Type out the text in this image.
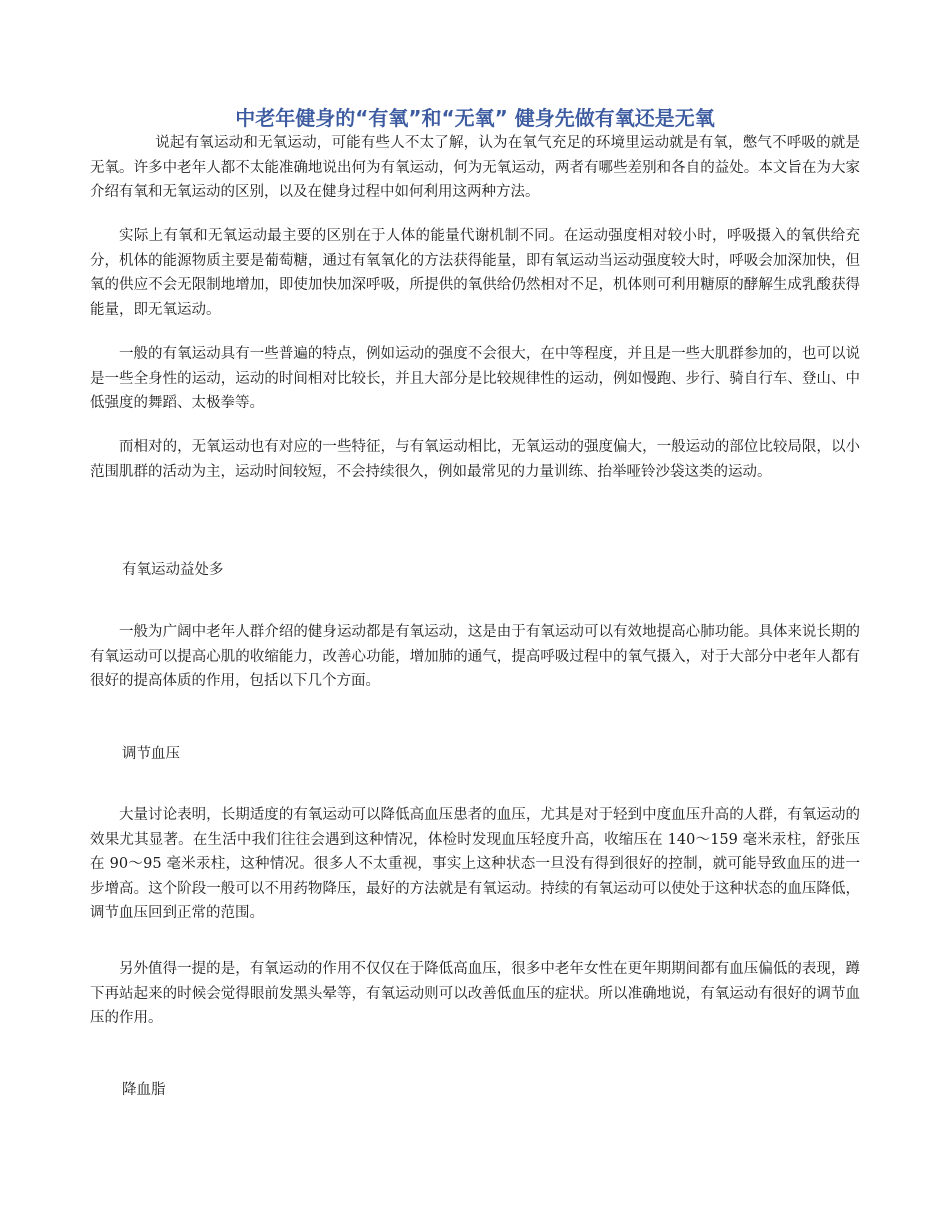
中老年健身的“有氧”和“无氧” 健身先做有氧还是无氧

说起有氧运动和无氧运动，可能有些人不太了解，认为在氧气充足的环境里运动就是有氧，憋气不呼吸的就是无氧。许多中老年人都不太能准确地说出何为有氧运动，何为无氧运动，两者有哪些差别和各自的益处。本文旨在为大家介绍有氧和无氧运动的区别，以及在健身过程中如何利用这两种方法。

实际上有氧和无氧运动最主要的区别在于人体的能量代谢机制不同。在运动强度相对较小时，呼吸摄入的氧供给充分，机体的能源物质主要是葡萄糖，通过有氧氧化的方法获得能量，即有氧运动当运动强度较大时，呼吸会加深加快，但氧的供应不会无限制地增加，即使加快加深呼吸，所提供的氧供给仍然相对不足，机体则可利用糖原的酵解生成乳酸获得能量，即无氧运动。

一般的有氧运动具有一些普遍的特点，例如运动的强度不会很大，在中等程度，并且是一些大肌群参加的，也可以说是一些全身性的运动，运动的时间相对比较长，并且大部分是比较规律性的运动，例如慢跑、步行、骑自行车、登山、中低强度的舞蹈、太极拳等。

而相对的，无氧运动也有对应的一些特征，与有氧运动相比，无氧运动的强度偏大，一般运动的部位比较局限，以小范围肌群的活动为主，运动时间较短，不会持续很久，例如最常见的力量训练、抬举哑铃沙袋这类的运动。

有氧运动益处多

一般为广阔中老年人群介绍的健身运动都是有氧运动，这是由于有氧运动可以有效地提高心肺功能。具体来说长期的有氧运动可以提高心肌的收缩能力，改善心功能，增加肺的通气，提高呼吸过程中的氧气摄入，对于大部分中老年人都有很好的提高体质的作用，包括以下几个方面。

调节血压

大量讨论表明，长期适度的有氧运动可以降低高血压患者的血压，尤其是对于轻到中度血压升高的人群，有氧运动的效果尤其显著。在生活中我们往往会遇到这种情况，体检时发现血压轻度升高，收缩压在 140～159 毫米汞柱，舒张压在 90～95 毫米汞柱，这种情况。很多人不太重视，事实上这种状态一旦没有得到很好的控制，就可能导致血压的进一步增高。这个阶段一般可以不用药物降压，最好的方法就是有氧运动。持续的有氧运动可以使处于这种状态的血压降低，调节血压回到正常的范围。

另外值得一提的是，有氧运动的作用不仅仅在于降低高血压，很多中老年女性在更年期期间都有血压偏低的表现，蹲下再站起来的时候会觉得眼前发黑头晕等，有氧运动则可以改善低血压的症状。所以准确地说，有氧运动有很好的调节血压的作用。

降血脂
